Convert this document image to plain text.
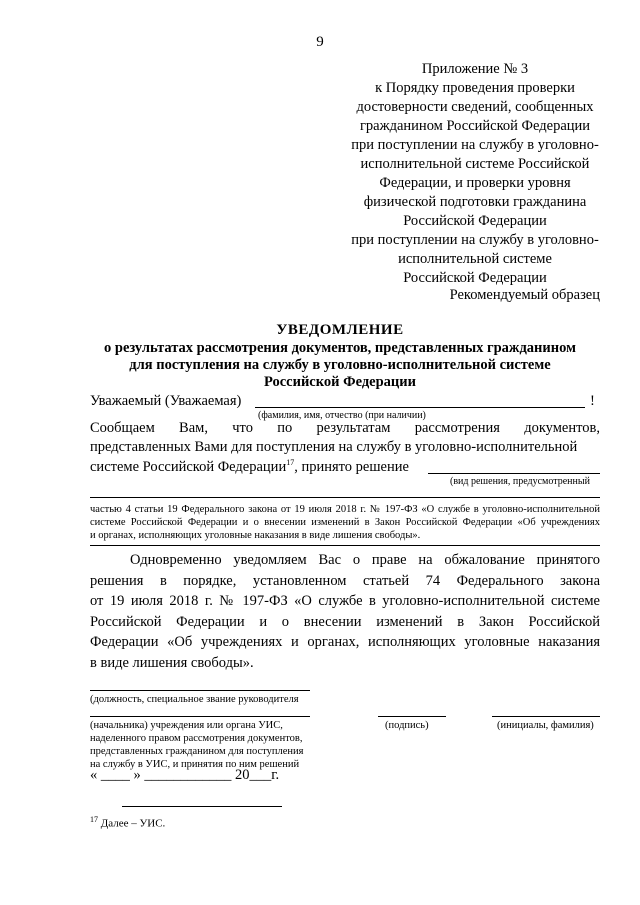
9
Приложение № 3
к Порядку проведения проверки
достоверности сведений, сообщенных
гражданином Российской Федерации
при поступлении на службу в уголовно-
исполнительной системе Российской
Федерации, и проверки уровня
физической подготовки гражданина
Российской Федерации
при поступлении на службу в уголовно-
исполнительной системе
Российской Федерации
Рекомендуемый образец
УВЕДОМЛЕНИЕ
о результатах рассмотрения документов, представленных гражданином
для поступления на службу в уголовно-исполнительной системе
Российской Федерации
Уважаемый (Уважаемая)	!
(фамилия, имя, отчество (при наличии)
Сообщаем Вам, что по результатам рассмотрения документов,
представленных Вами для поступления на службу в уголовно-исполнительной
системе Российской Федерации$^{17}$, принято решение
(вид решения, предусмотренный
частью 4 статьи 19 Федерального закона от 19 июля 2018 г. № 197-ФЗ «О службе в уголовно-исполнительной
системе Российской Федерации и о внесении изменений в Закон Российской Федерации «Об учреждениях
и органах, исполняющих уголовные наказания в виде лишения свободы».
Одновременно уведомляем Вас о праве на обжалование принятого
решения в порядке, установленном статьей 74 Федерального закона
от 19 июля 2018 г. № 197-ФЗ «О службе в уголовно-исполнительной системе
Российской Федерации и о внесении изменений в Закон Российской
Федерации «Об учреждениях и органах, исполняющих уголовные наказания
в виде лишения свободы».
(должность, специальное звание руководителя
(начальника) учреждения или органа УИС,
наделенного правом рассмотрения документов,
представленных гражданином для поступления
на службу в УИС, и принятия по ним решений
(подпись)	(инициалы, фамилия)
« ____ » ____________ 20___г.
$^{17}$ Далее – УИС.
